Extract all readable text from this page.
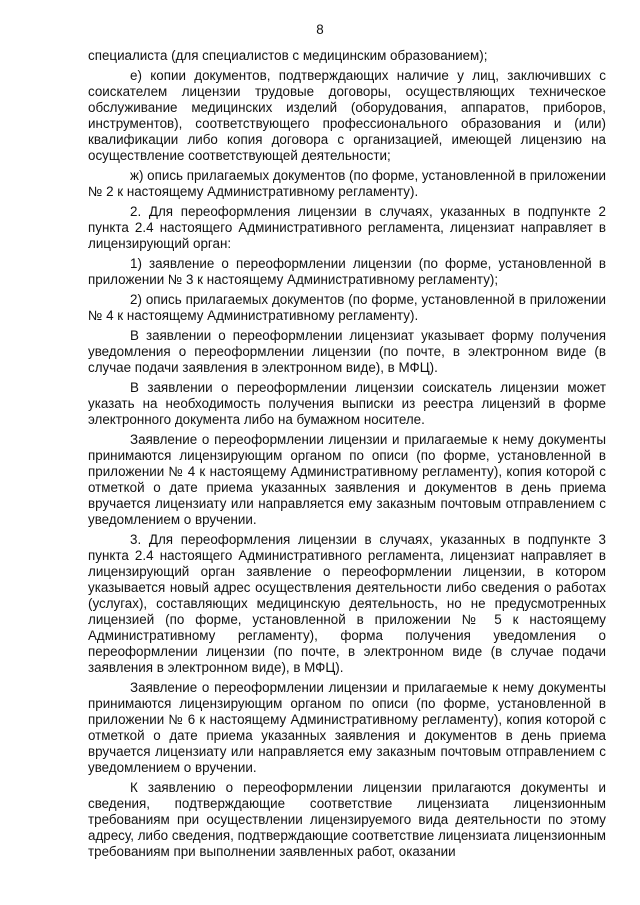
8

специалиста (для специалистов с медицинским образованием);

е) копии документов, подтверждающих наличие у лиц, заключивших с соискателем лицензии трудовые договоры, осуществляющих техническое обслуживание медицинских изделий (оборудования, аппаратов, приборов, инструментов), соответствующего профессионального образования и (или) квалификации либо копия договора с организацией, имеющей лицензию на осуществление соответствующей деятельности;

ж) опись прилагаемых документов (по форме, установленной в приложении № 2 к настоящему Административному регламенту).

2. Для переоформления лицензии в случаях, указанных в подпункте 2 пункта 2.4 настоящего Административного регламента, лицензиат направляет в лицензирующий орган:

1) заявление о переоформлении лицензии (по форме, установленной в приложении № 3 к настоящему Административному регламенту);

2) опись прилагаемых документов (по форме, установленной в приложении № 4 к настоящему Административному регламенту).

В заявлении о переоформлении лицензиат указывает форму получения уведомления о переоформлении лицензии (по почте, в электронном виде (в случае подачи заявления в электронном виде), в МФЦ).

В заявлении о переоформлении лицензии соискатель лицензии может указать на необходимость получения выписки из реестра лицензий в форме электронного документа либо на бумажном носителе.

Заявление о переоформлении лицензии и прилагаемые к нему документы принимаются лицензирующим органом по описи (по форме, установленной в приложении № 4 к настоящему Административному регламенту), копия которой с отметкой о дате приема указанных заявления и документов в день приема вручается лицензиату или направляется ему заказным почтовым отправлением с уведомлением о вручении.

3. Для переоформления лицензии в случаях, указанных в подпункте 3 пункта 2.4 настоящего Административного регламента, лицензиат направляет в лицензирующий орган заявление о переоформлении лицензии, в котором указывается новый адрес осуществления деятельности либо сведения о работах (услугах), составляющих медицинскую деятельность, но не предусмотренных лицензией (по форме, установленной в приложении № 5 к настоящему Административному регламенту), форма получения уведомления о переоформлении лицензии (по почте, в электронном виде (в случае подачи заявления в электронном виде), в МФЦ).

Заявление о переоформлении лицензии и прилагаемые к нему документы принимаются лицензирующим органом по описи (по форме, установленной в приложении № 6 к настоящему Административному регламенту), копия которой с отметкой о дате приема указанных заявления и документов в день приема вручается лицензиату или направляется ему заказным почтовым отправлением с уведомлением о вручении.

К заявлению о переоформлении лицензии прилагаются документы и сведения, подтверждающие соответствие лицензиата лицензионным требованиям при осуществлении лицензируемого вида деятельности по этому адресу, либо сведения, подтверждающие соответствие лицензиата лицензионным требованиям при выполнении заявленных работ, оказании
